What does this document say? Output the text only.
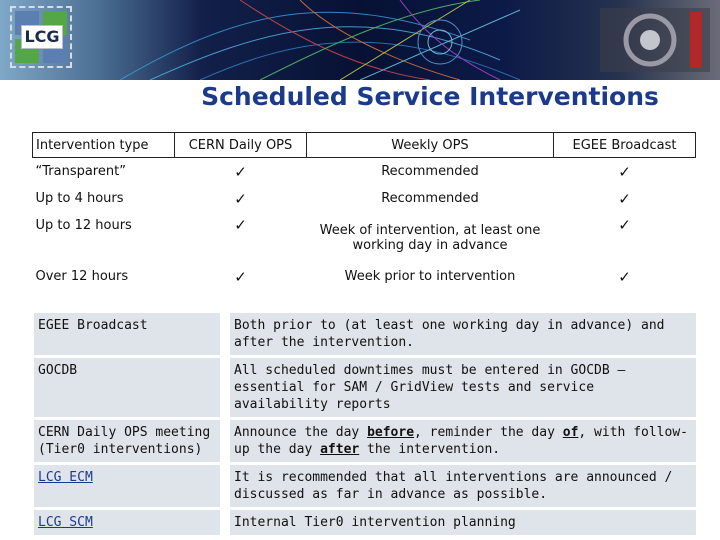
LCG
Scheduled Service Interventions
Intervention type	CERN Daily OPS	Weekly OPS	EGEE Broadcast
“Transparent”	✓	Recommended	✓
Up to 4 hours	✓	Recommended	✓
Up to 12 hours	✓	Week of intervention, at least one working day in advance	✓
Over 12 hours	✓	Week prior to intervention	✓
EGEE Broadcast	Both prior to (at least one working day in advance) and after the intervention.
GOCDB	All scheduled downtimes must be entered in GOCDB – essential for SAM / GridView tests and service availability reports
CERN Daily OPS meeting (Tier0 interventions)	Announce the day before, reminder the day of, with follow-up the day after the intervention.
LCG ECM	It is recommended that all interventions are announced / discussed as far in advance as possible.
LCG SCM	Internal Tier0 intervention planning
